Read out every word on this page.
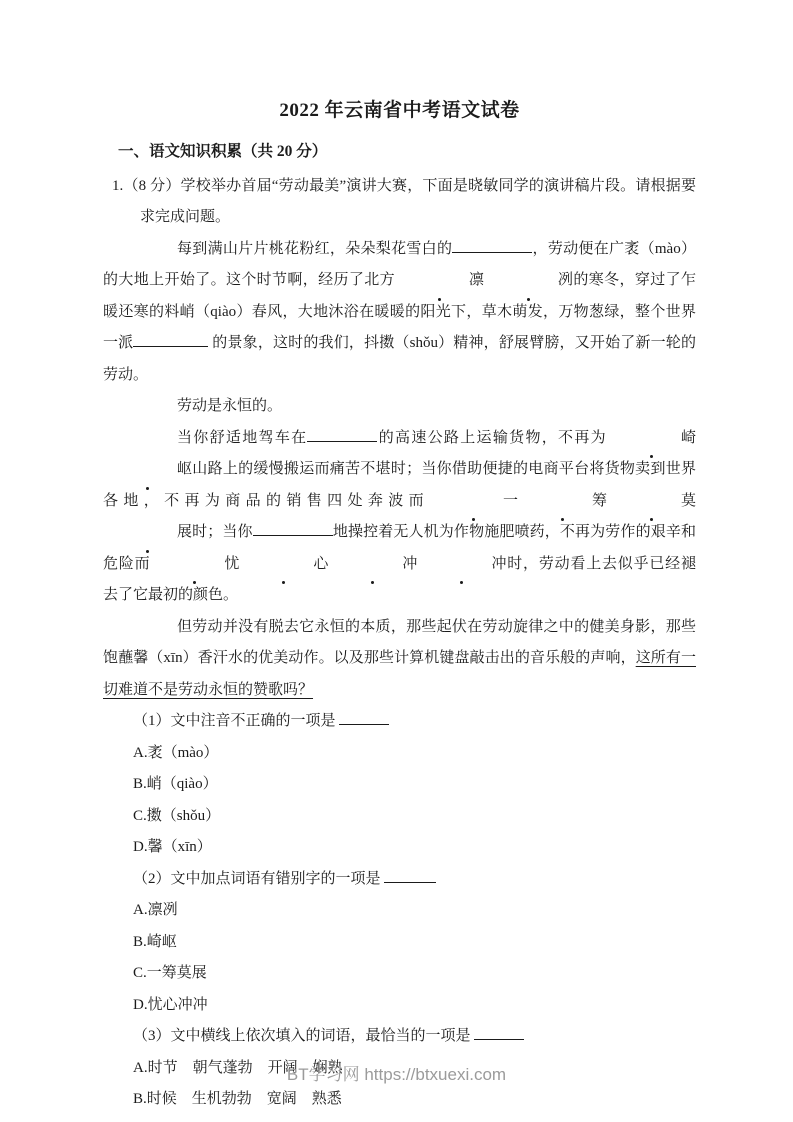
2022 年云南省中考语文试卷
一、语文知识积累（共 20 分）
1.（8 分）学校举办首届“劳动最美”演讲大赛，下面是晓敏同学的演讲稿片段。请根据要求完成问题。

每到满山片片桃花粉红，朵朵梨花雪白的	，劳动便在广袤（mào）的大地上开始了。这个时节啊，经历了北方	凛	冽的寒冬，穿过了乍暖还寒的料峭（qiào）春风，大地沐浴在暖暖的阳光下，草木萌发，万物葱绿，整个世界一派	的景象，这时的我们，抖擞（shǒu）精神，舒展臂膀，又开始了新一轮的劳动。

劳动是永恒的。

当你舒适地驾车在	的高速公路上运输货物，不再为	崎岖山路上的缓慢搬运而痛苦不堪时；当你借助便捷的电商平台将货物卖到世界各地，不再为商品的销售四处奔波而	一	筹	莫展时；当你	地操控着无人机为作物施肥喷药，不再为劳作的艰辛和危险而	忧	心	冲	冲时，劳动看上去似乎已经褪去了它最初的颜色。

但劳动并没有脱去它永恒的本质，那些起伏在劳动旋律之中的健美身影，那些饱蘸馨（xīn）香汗水的优美动作。以及那些计算机键盘敲击出的音乐般的声响，这所有一切难道不是劳动永恒的赞歌吗？

（1）文中注音不正确的一项是
A.袤（mào）
B.峭（qiào）
C.擞（shǒu）
D.馨（xīn）
（2）文中加点词语有错别字的一项是
A.凛冽
B.崎岖
C.一筹莫展
D.忧心冲冲
（3）文中横线上依次填入的词语，最恰当的一项是
A.时节　朝气蓬勃　开阔　娴熟
B.时候　生机勃勃　宽阔　熟悉
BT学习网 https://btxuexi.com
